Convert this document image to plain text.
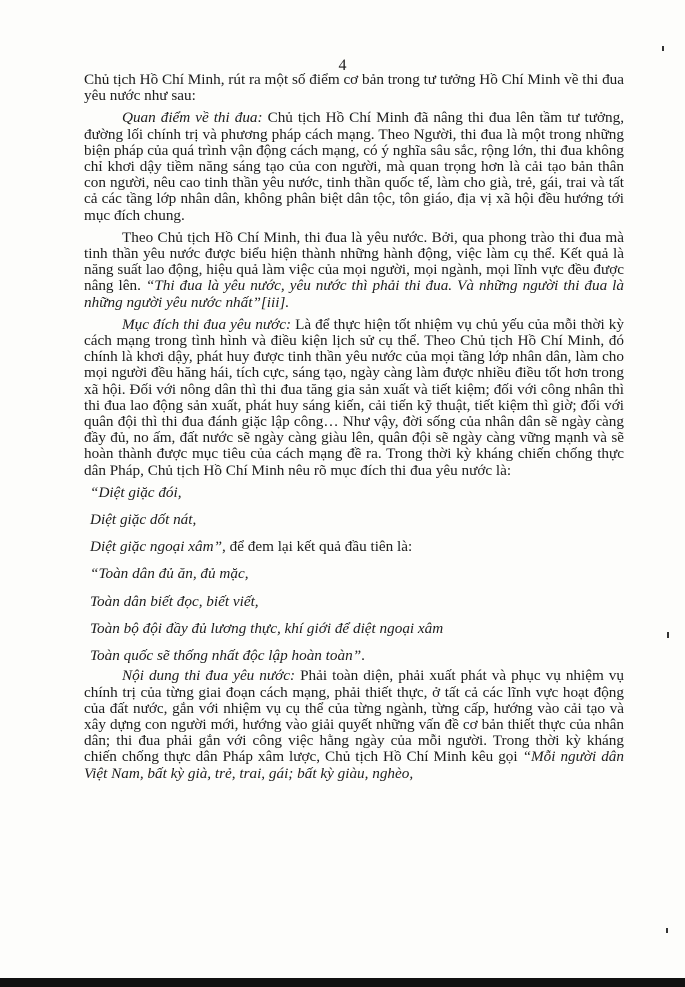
4

Chủ tịch Hồ Chí Minh, rút ra một số điểm cơ bản trong tư tưởng Hồ Chí Minh về thi đua yêu nước như sau:

Quan điểm về thi đua: Chủ tịch Hồ Chí Minh đã nâng thi đua lên tầm tư tưởng, đường lối chính trị và phương pháp cách mạng. Theo Người, thi đua là một trong những biện pháp của quá trình vận động cách mạng, có ý nghĩa sâu sắc, rộng lớn, thi đua không chỉ khơi dậy tiềm năng sáng tạo của con người, mà quan trọng hơn là cải tạo bản thân con người, nêu cao tinh thần yêu nước, tinh thần quốc tế, làm cho già, trẻ, gái, trai và tất cả các tầng lớp nhân dân, không phân biệt dân tộc, tôn giáo, địa vị xã hội đều hướng tới mục đích chung.

Theo Chủ tịch Hồ Chí Minh, thi đua là yêu nước. Bởi, qua phong trào thi đua mà tinh thần yêu nước được biểu hiện thành những hành động, việc làm cụ thể. Kết quả là năng suất lao động, hiệu quả làm việc của mọi người, mọi ngành, mọi lĩnh vực đều được nâng lên. “Thi đua là yêu nước, yêu nước thì phải thi đua. Và những người thi đua là những người yêu nước nhất”[iii].

Mục đích thi đua yêu nước: Là để thực hiện tốt nhiệm vụ chủ yếu của mỗi thời kỳ cách mạng trong tình hình và điều kiện lịch sử cụ thể. Theo Chủ tịch Hồ Chí Minh, đó chính là khơi dậy, phát huy được tinh thần yêu nước của mọi tầng lớp nhân dân, làm cho mọi người đều hăng hái, tích cực, sáng tạo, ngày càng làm được nhiều điều tốt hơn trong xã hội. Đối với nông dân thì thi đua tăng gia sản xuất và tiết kiệm; đối với công nhân thì thi đua lao động sản xuất, phát huy sáng kiến, cải tiến kỹ thuật, tiết kiệm thì giờ; đối với quân đội thì thi đua đánh giặc lập công… Như vậy, đời sống của nhân dân sẽ ngày càng đầy đủ, no ấm, đất nước sẽ ngày càng giàu lên, quân đội sẽ ngày càng vững mạnh và sẽ hoàn thành được mục tiêu của cách mạng đề ra. Trong thời kỳ kháng chiến chống thực dân Pháp, Chủ tịch Hồ Chí Minh nêu rõ mục đích thi đua yêu nước là:

“Diệt giặc đói,
Diệt giặc dốt nát,
Diệt giặc ngoại xâm”, để đem lại kết quả đầu tiên là:
“Toàn dân đủ ăn, đủ mặc,
Toàn dân biết đọc, biết viết,
Toàn bộ đội đầy đủ lương thực, khí giới để diệt ngoại xâm
Toàn quốc sẽ thống nhất độc lập hoàn toàn”.

Nội dung thi đua yêu nước: Phải toàn diện, phải xuất phát và phục vụ nhiệm vụ chính trị của từng giai đoạn cách mạng, phải thiết thực, ở tất cả các lĩnh vực hoạt động của đất nước, gắn với nhiệm vụ cụ thể của từng ngành, từng cấp, hướng vào cải tạo và xây dựng con người mới, hướng vào giải quyết những vấn đề cơ bản thiết thực của nhân dân; thi đua phải gắn với công việc hằng ngày của mỗi người. Trong thời kỳ kháng chiến chống thực dân Pháp xâm lược, Chủ tịch Hồ Chí Minh kêu gọi “Mỗi người dân Việt Nam, bất kỳ già, trẻ, trai, gái; bất kỳ giàu, nghèo,
